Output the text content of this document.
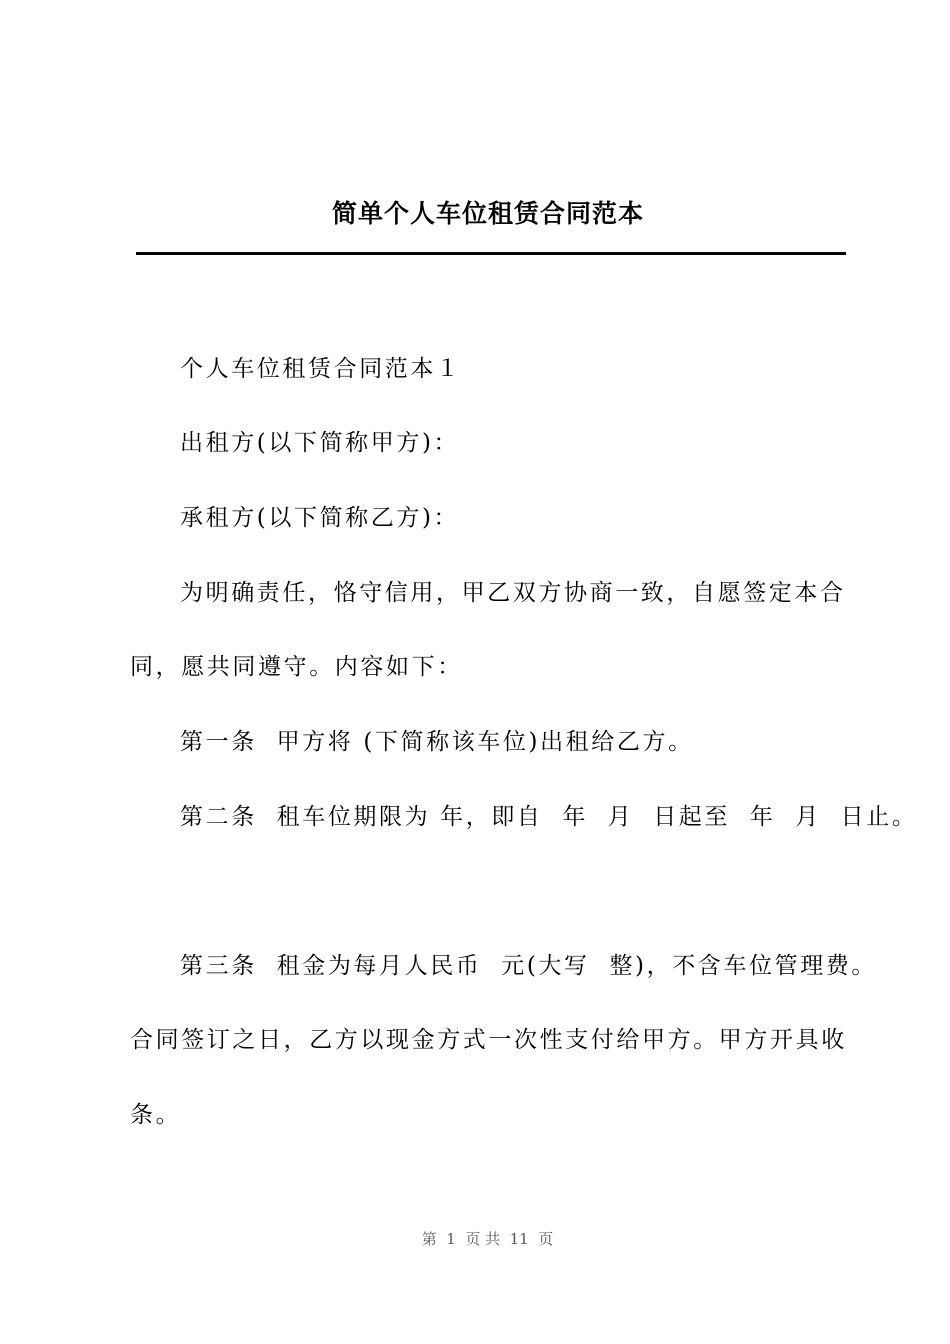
简单个人车位租赁合同范本
个人车位租赁合同范本１
出租方(以下简称甲方)：
承租方(以下简称乙方)：
为明确责任，恪守信用，甲乙双方协商一致，自愿签定本合
同，愿共同遵守。内容如下：
第一条  甲方将 (下简称该车位)出租给乙方。
第二条  租车位期限为 年，即自  年  月  日起至  年  月  日止。
第三条  租金为每月人民币  元(大写  整)，不含车位管理费。
合同签订之日，乙方以现金方式一次性支付给甲方。甲方开具收
条。
第  1  页 共  11  页
